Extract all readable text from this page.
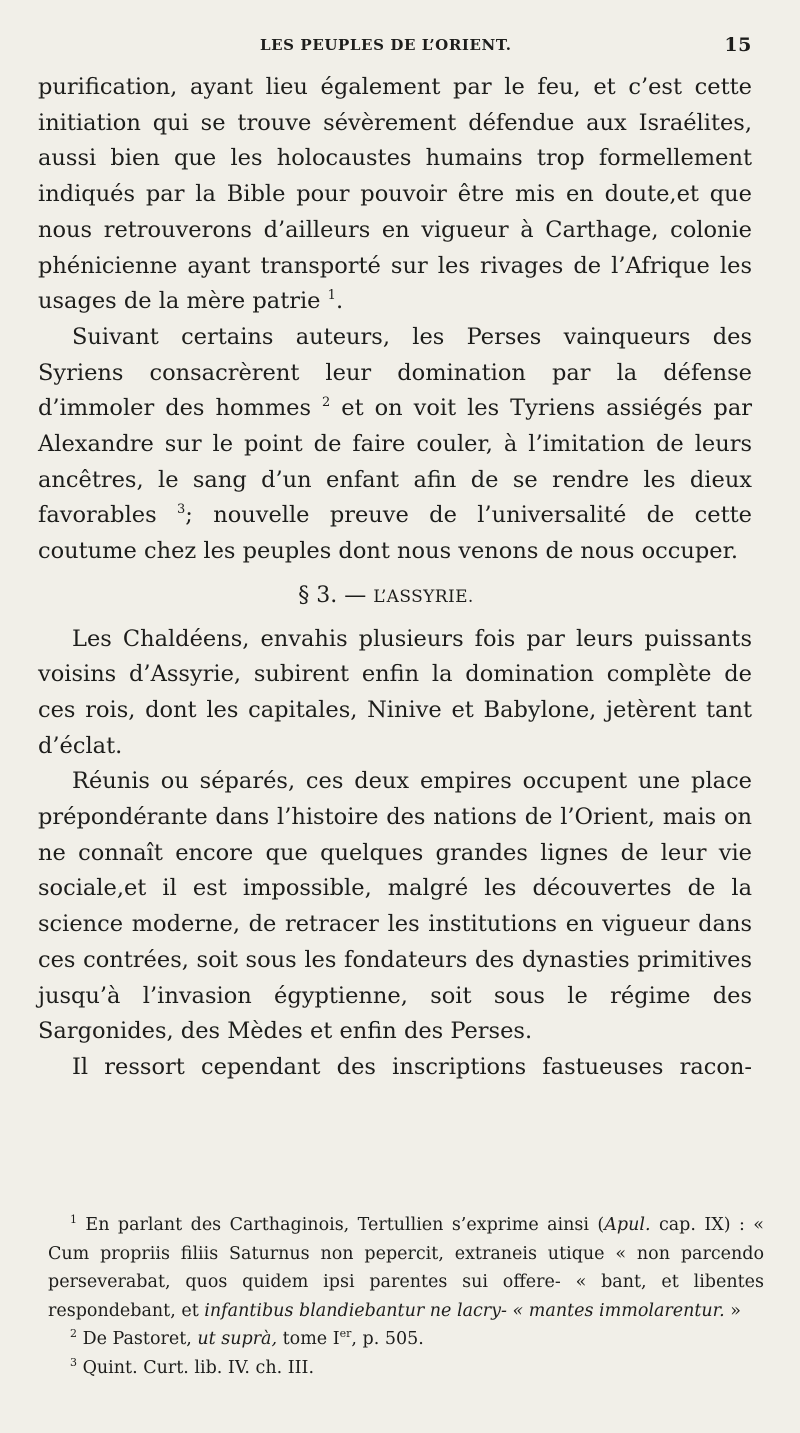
LES PEUPLES DE L’ORIENT.	15

purification, ayant lieu également par le feu, et c’est cette initiation qui se trouve sévèrement défendue aux Israélites, aussi bien que les holocaustes humains trop formellement indiqués par la Bible pour pouvoir être mis en doute,et que nous retrouverons d’ailleurs en vigueur à Carthage, colonie phénicienne ayant transporté sur les rivages de l’Afrique les usages de la mère patrie $^1$.

Suivant certains auteurs, les Perses vainqueurs des Syriens consacrèrent leur domination par la défense d’immoler des hommes $^2$ et on voit les Tyriens assiégés par Alexandre sur le point de faire couler, à l’imitation de leurs ancêtres, le sang d’un enfant afin de se rendre les dieux favorables $^3$; nouvelle preuve de l’universalité de cette coutume chez les peuples dont nous venons de nous occuper.

§ 3. — L’ASSYRIE.

Les Chaldéens, envahis plusieurs fois par leurs puissants voisins d’Assyrie, subirent enfin la domination complète de ces rois, dont les capitales, Ninive et Babylone, jetèrent tant d’éclat.

Réunis ou séparés, ces deux empires occupent une place prépondérante dans l’histoire des nations de l’Orient, mais on ne connaît encore que quelques grandes lignes de leur vie sociale,et il est impossible, malgré les découvertes de la science moderne, de retracer les institutions en vigueur dans ces contrées, soit sous les fondateurs des dynasties primitives jusqu’à l’invasion égyptienne, soit sous le régime des Sargonides, des Mèdes et enfin des Perses.

Il ressort cependant des inscriptions fastueuses racon-

$^1$ En parlant des Carthaginois, Tertullien s’exprime ainsi (Apul. cap. IX) : « Cum propriis filiis Saturnus non pepercit, extraneis utique « non parcendo perseverabat, quos quidem ipsi parentes sui offere- « bant, et libentes respondebant, et infantibus blandiebantur ne lacry- « mantes immolarentur. »

$^2$ De Pastoret, ut suprà, tome Ier, p. 505.

$^3$ Quint. Curt. lib. IV. ch. III.
